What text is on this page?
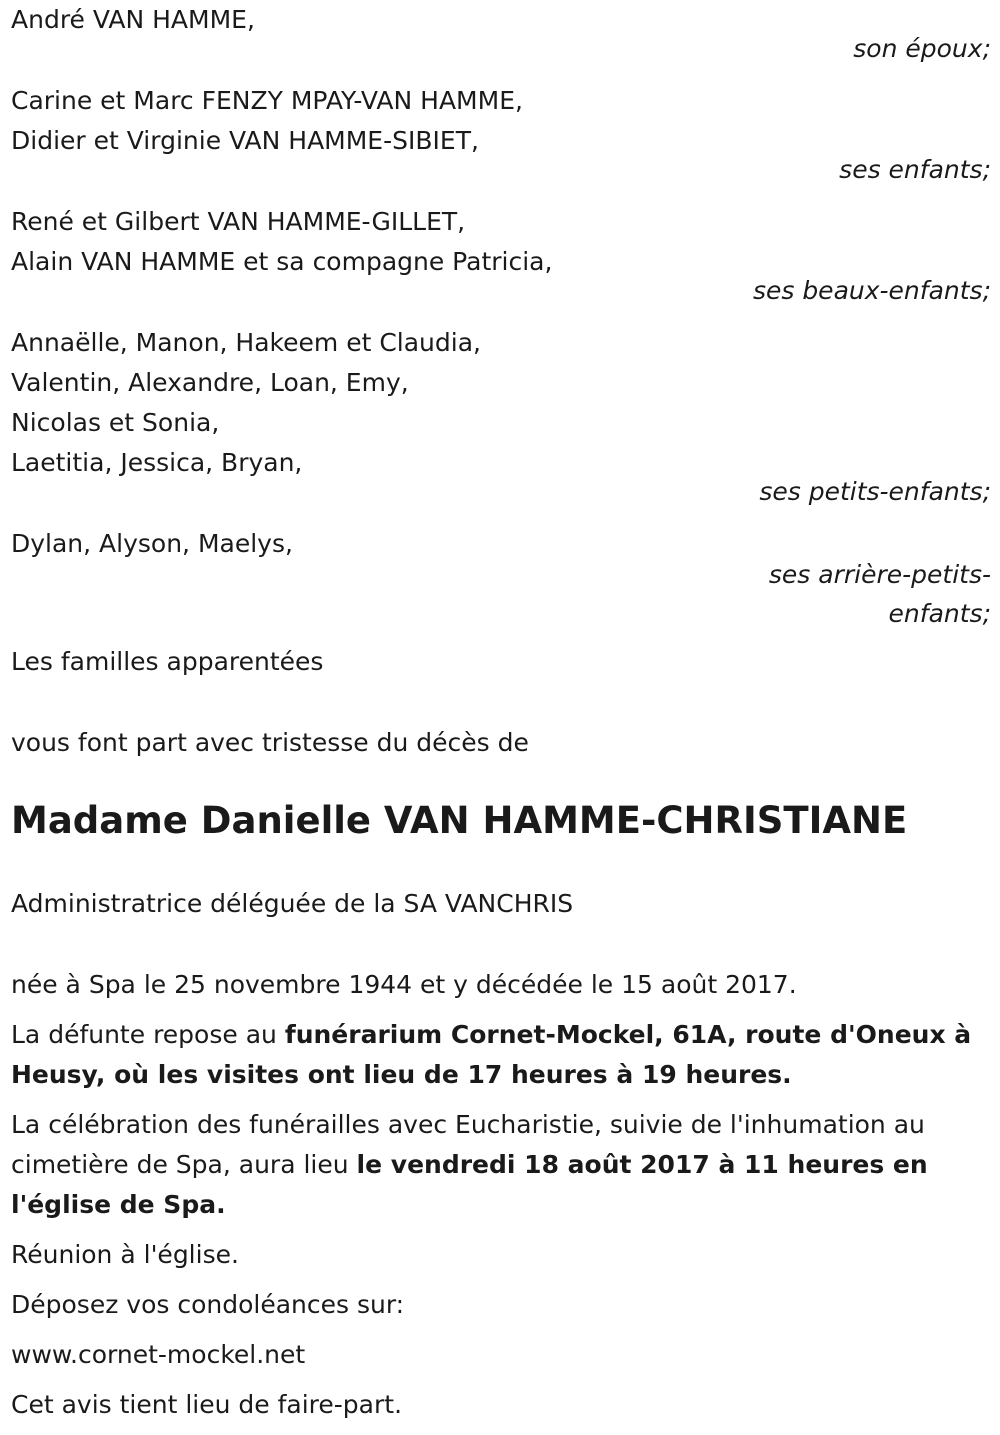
André VAN HAMME,
son époux;
Carine et Marc FENZY MPAY-VAN HAMME,
Didier et Virginie VAN HAMME-SIBIET,
ses enfants;
René et Gilbert VAN HAMME-GILLET,
Alain VAN HAMME et sa compagne Patricia,
ses beaux-enfants;
Annaëlle, Manon, Hakeem et Claudia,
Valentin, Alexandre, Loan, Emy,
Nicolas et Sonia,
Laetitia, Jessica, Bryan,
ses petits-enfants;
Dylan, Alyson, Maelys,
ses arrière-petits-
enfants;
Les familles apparentées
vous font part avec tristesse du décès de
Madame Danielle VAN HAMME-CHRISTIANE
Administratrice déléguée de la SA VANCHRIS

née à Spa le 25 novembre 1944 et y décédée le 15 août 2017.

La défunte repose au funérarium Cornet-Mockel, 61A, route d'Oneux à Heusy, où les visites ont lieu de 17 heures à 19 heures.

La célébration des funérailles avec Eucharistie, suivie de l'inhumation au cimetière de Spa, aura lieu le vendredi 18 août 2017 à 11 heures en l'église de Spa.

Réunion à l'église.

Déposez vos condoléances sur:

www.cornet-mockel.net

Cet avis tient lieu de faire-part.
